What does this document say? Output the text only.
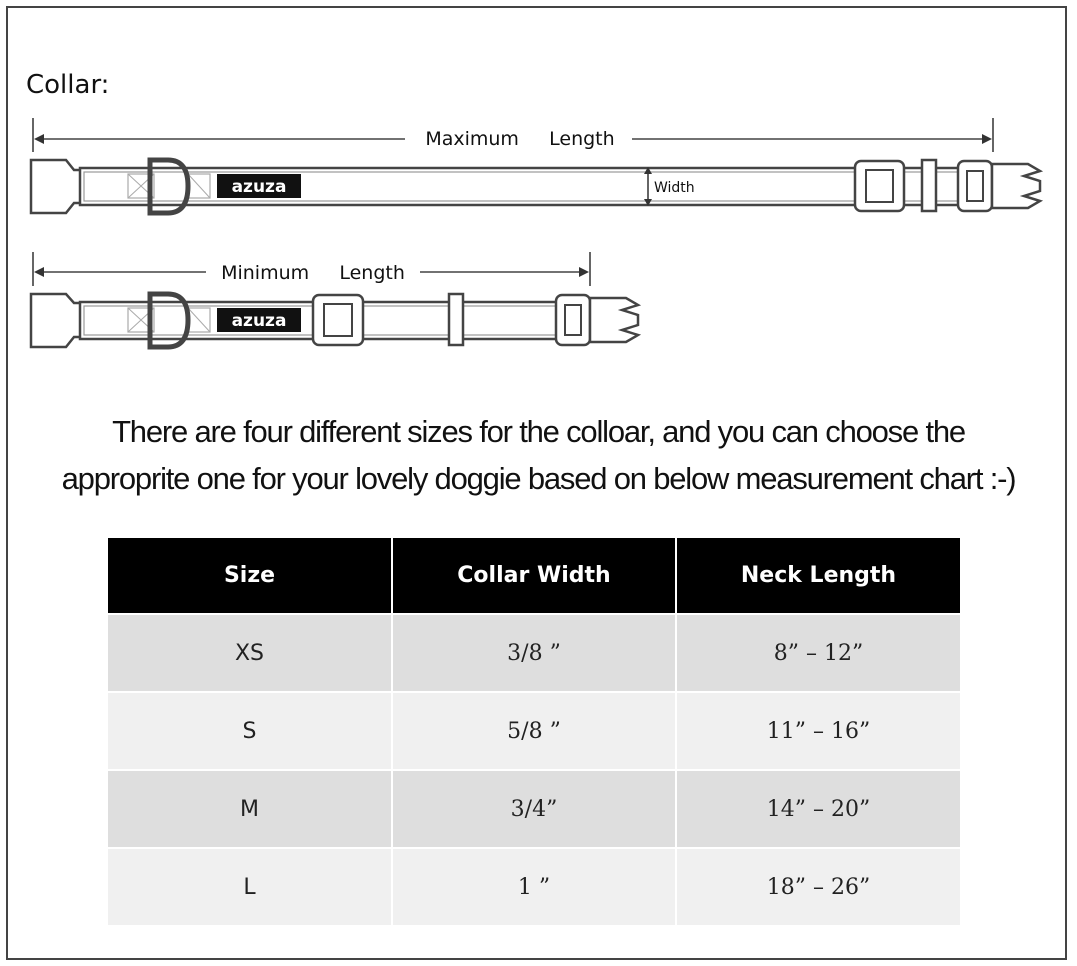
Collar:
Maximum     Length
azuza	Width
Minimum     Length
azuza
There are four different sizes for the colloar, and you can choose the
approprite one for your lovely doggie based on below measurement chart :-)
Size	Collar Width	Neck Length
XS	3/8 ”	8” – 12”
S	5/8 ”	11” – 16”
M	3/4”	14” – 20”
L	1 ”	18” – 26”
